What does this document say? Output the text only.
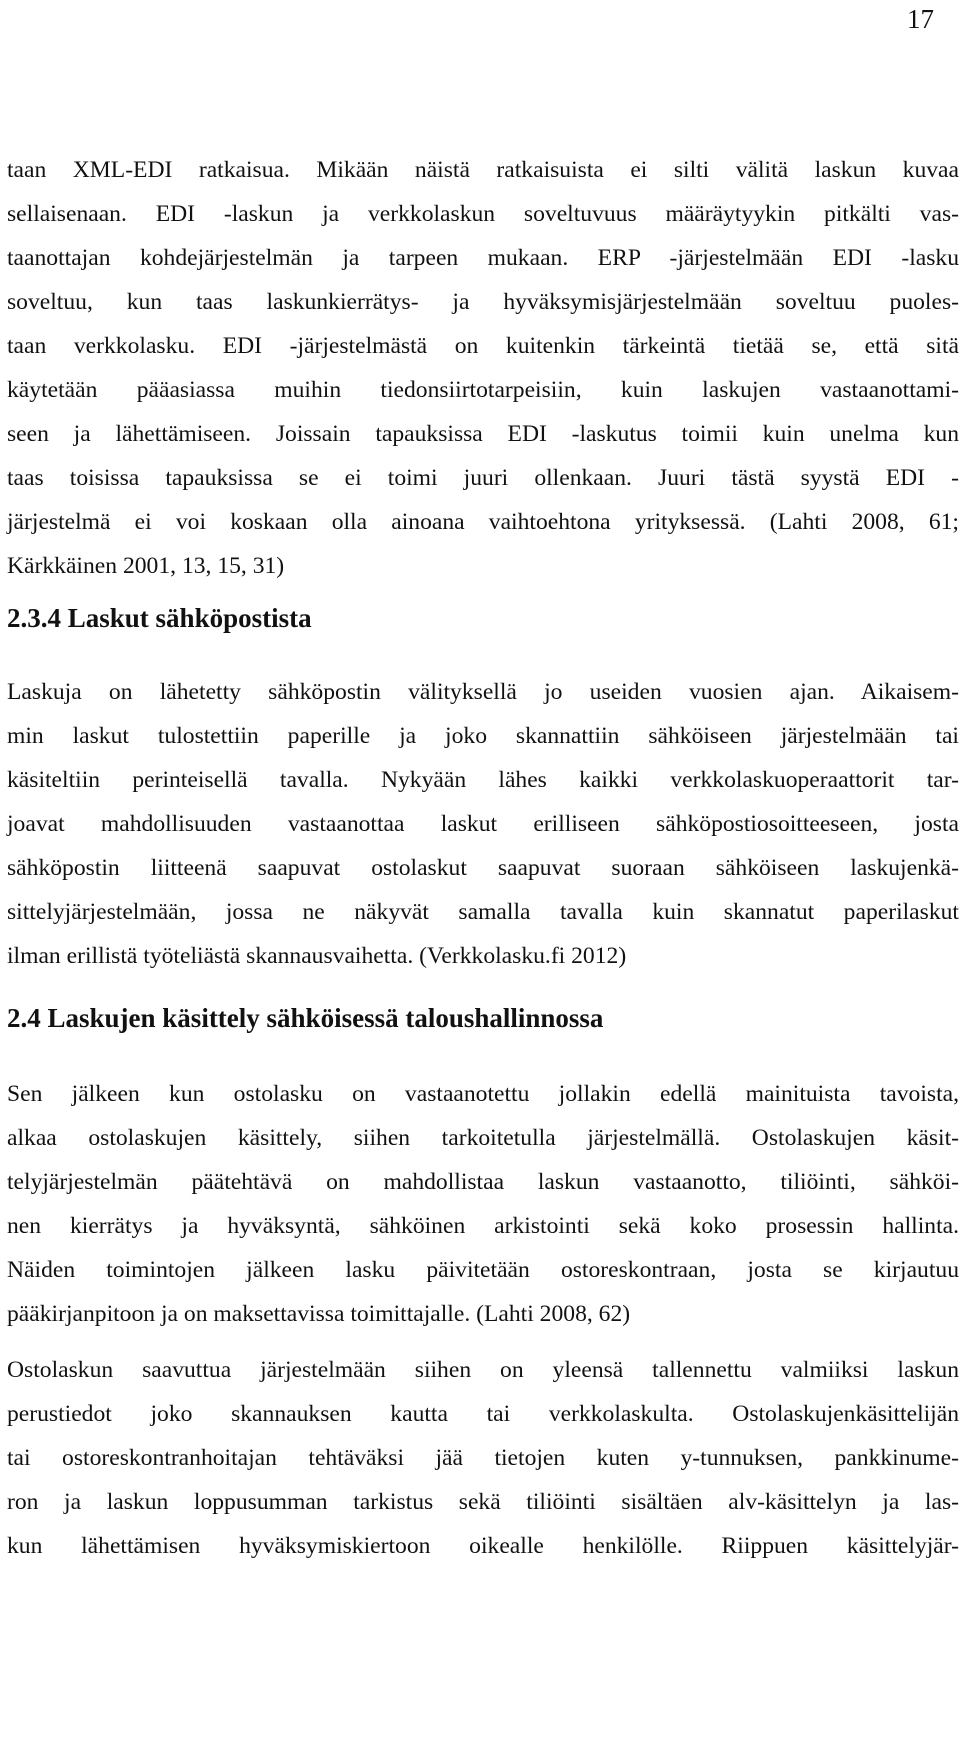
17
taan XML-EDI ratkaisua. Mikään näistä ratkaisuista ei silti välitä laskun kuvaa
sellaisenaan. EDI -laskun ja verkkolaskun soveltuvuus määräytyykin pitkälti vas-
taanottajan kohdejärjestelmän ja tarpeen mukaan. ERP -järjestelmään EDI -lasku
soveltuu, kun taas laskunkierrätys- ja hyväksymisjärjestelmään soveltuu puoles-
taan verkkolasku. EDI -järjestelmästä on kuitenkin tärkeintä tietää se, että sitä
käytetään pääasiassa muihin tiedonsiirtotarpeisiin, kuin laskujen vastaanottami-
seen ja lähettämiseen. Joissain tapauksissa EDI -laskutus toimii kuin unelma kun
taas toisissa tapauksissa se ei toimi juuri ollenkaan. Juuri tästä syystä EDI -
järjestelmä ei voi koskaan olla ainoana vaihtoehtona yrityksessä. (Lahti 2008, 61;
Kärkkäinen 2001, 13, 15, 31)
2.3.4 Laskut sähköpostista
Laskuja on lähetetty sähköpostin välityksellä jo useiden vuosien ajan. Aikaisem-
min laskut tulostettiin paperille ja joko skannattiin sähköiseen järjestelmään tai
käsiteltiin perinteisellä tavalla. Nykyään lähes kaikki verkkolaskuoperaattorit tar-
joavat mahdollisuuden vastaanottaa laskut erilliseen sähköpostiosoitteeseen, josta
sähköpostin liitteenä saapuvat ostolaskut saapuvat suoraan sähköiseen laskujenkä-
sittelyjärjestelmään, jossa ne näkyvät samalla tavalla kuin skannatut paperilaskut
ilman erillistä työteliästä skannausvaihetta. (Verkkolasku.fi 2012)
2.4 Laskujen käsittely sähköisessä taloushallinnossa
Sen jälkeen kun ostolasku on vastaanotettu jollakin edellä mainituista tavoista,
alkaa ostolaskujen käsittely, siihen tarkoitetulla järjestelmällä. Ostolaskujen käsit-
telyjärjestelmän päätehtävä on mahdollistaa laskun vastaanotto, tiliöinti, sähköi-
nen kierrätys ja hyväksyntä, sähköinen arkistointi sekä koko prosessin hallinta.
Näiden toimintojen jälkeen lasku päivitetään ostoreskontraan, josta se kirjautuu
pääkirjanpitoon ja on maksettavissa toimittajalle. (Lahti 2008, 62)
Ostolaskun saavuttua järjestelmään siihen on yleensä tallennettu valmiiksi laskun
perustiedot joko skannauksen kautta tai verkkolaskulta. Ostolaskujenkäsittelijän
tai ostoreskontranhoitajan tehtäväksi jää tietojen kuten y-tunnuksen, pankkinume-
ron ja laskun loppusumman tarkistus sekä tiliöinti sisältäen alv-käsittelyn ja las-
kun lähettämisen hyväksymiskiertoon oikealle henkilölle. Riippuen käsittelyjär-
